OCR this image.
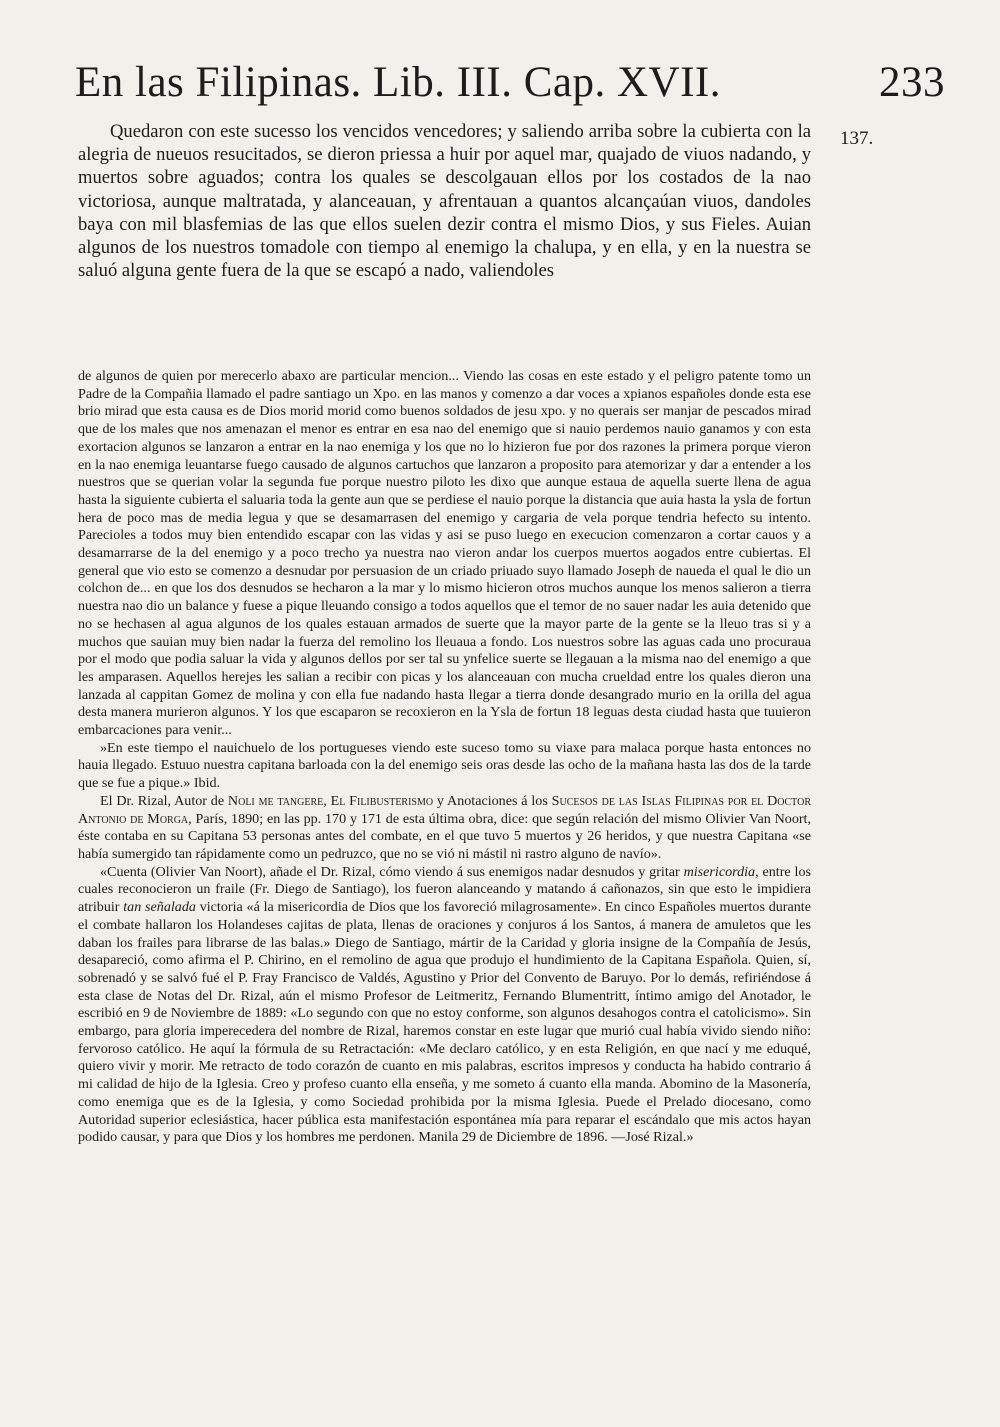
En las Filipinas. Lib. III. Cap. XVII.	233
137.

Quedaron con este sucesso los vencidos vencedores; y saliendo arriba sobre la cubierta con la alegria de nueuos resucitados, se dieron priessa a huir por aquel mar, quajado de viuos nadando, y muertos sobre aguados; contra los quales se descolgauan ellos por los costados de la nao victoriosa, aunque maltratada, y alanceauan, y afrentauan a quantos alcançaúan viuos, dandoles baya con mil blasfemias de las que ellos suelen dezir contra el mismo Dios, y sus Fieles. Auian algunos de los nuestros tomadole con tiempo al enemigo la chalupa, y en ella, y en la nuestra se saluó alguna gente fuera de la que se escapó a nado, valiendoles

de algunos de quien por merecerlo abaxo are particular mencion... Viendo las cosas en este estado y el peligro patente tomo un Padre de la Compañia llamado el padre santiago un Xpo. en las manos y comenzo a dar voces a xpianos españoles donde esta ese brio mirad que esta causa es de Dios morid morid como buenos soldados de jesu xpo. y no querais ser manjar de pescados mirad que de los males que nos amenazan el menor es entrar en esa nao del enemigo que si nauio perdemos nauio ganamos y con esta exortacion algunos se lanzaron a entrar en la nao enemiga y los que no lo hizieron fue por dos razones la primera porque vieron en la nao enemiga leuantarse fuego causado de algunos cartuchos que lanzaron a proposito para atemorizar y dar a entender a los nuestros que se querian volar la segunda fue porque nuestro piloto les dixo que aunque estaua de aquella suerte llena de agua hasta la siguiente cubierta el saluaria toda la gente aun que se perdiese el nauio porque la distancia que auia hasta la ysla de fortun hera de poco mas de media legua y que se desamarrasen del enemigo y cargaria de vela porque tendria hefecto su intento. Parecioles a todos muy bien entendido escapar con las vidas y asi se puso luego en execucion comenzaron a cortar cauos y a desamarrarse de la del enemigo y a poco trecho ya nuestra nao vieron andar los cuerpos muertos aogados entre cubiertas. El general que vio esto se comenzo a desnudar por persuasion de un criado priuado suyo llamado Joseph de naueda el qual le dio un colchon de... en que los dos desnudos se hecharon a la mar y lo mismo hicieron otros muchos aunque los menos salieron a tierra nuestra nao dio un balance y fuese a pique lleuando consigo a todos aquellos que el temor de no sauer nadar les auia detenido que no se hechasen al agua algunos de los quales estauan armados de suerte que la mayor parte de la gente se la lleuo tras si y a muchos que sauian muy bien nadar la fuerza del remolino los lleuaua a fondo. Los nuestros sobre las aguas cada uno procuraua por el modo que podia saluar la vida y algunos dellos por ser tal su ynfelice suerte se llegauan a la misma nao del enemigo a que les amparasen. Aquellos herejes les salian a recibir con picas y los alanceauan con mucha crueldad entre los quales dieron una lanzada al cappitan Gomez de molina y con ella fue nadando hasta llegar a tierra donde desangrado murio en la orilla del agua desta manera murieron algunos. Y los que escaparon se recoxieron en la Ysla de fortun 18 leguas desta ciudad hasta que tuuieron embarcaciones para venir...

»En este tiempo el nauichuelo de los portugueses viendo este suceso tomo su viaxe para malaca porque hasta entonces no hauia llegado. Estuuo nuestra capitana barloada con la del enemigo seis oras desde las ocho de la mañana hasta las dos de la tarde que se fue a pique.» Ibid.

El Dr. Rizal, Autor de Noli me tangere, El Filibusterismo y Anotaciones á los Sucesos de las Islas Filipinas por el Doctor Antonio de Morga, París, 1890; en las pp. 170 y 171 de esta última obra, dice: que según relación del mismo Olivier Van Noort, éste contaba en su Capitana 53 personas antes del combate, en el que tuvo 5 muertos y 26 heridos, y que nuestra Capitana «se había sumergido tan rápidamente como un pedruzco, que no se vió ni mástil ni rastro alguno de navío».

«Cuenta (Olivier Van Noort), añade el Dr. Rizal, cómo viendo á sus enemigos nadar desnudos y gritar misericordia, entre los cuales reconocieron un fraile (Fr. Diego de Santiago), los fueron alanceando y matando á cañonazos, sin que esto le impidiera atribuir tan señalada victoria «á la misericordia de Dios que los favoreció milagrosamente». En cinco Españoles muertos durante el combate hallaron los Holandeses cajitas de plata, llenas de oraciones y conjuros á los Santos, á manera de amuletos que les daban los frailes para librarse de las balas.» Diego de Santiago, mártir de la Caridad y gloria insigne de la Compañía de Jesús, desapareció, como afirma el P. Chirino, en el remolino de agua que produjo el hundimiento de la Capitana Española. Quien, sí, sobrenadó y se salvó fué el P. Fray Francisco de Valdés, Agustino y Prior del Convento de Baruyo. Por lo demás, refiriéndose á esta clase de Notas del Dr. Rizal, aún el mismo Profesor de Leitmeritz, Fernando Blumentritt, íntimo amigo del Anotador, le escribió en 9 de Noviembre de 1889: «Lo segundo con que no estoy conforme, son algunos desahogos contra el catolicismo». Sin embargo, para gloria imperecedera del nombre de Rizal, haremos constar en este lugar que murió cual había vivido siendo niño: fervoroso católico. He aquí la fórmula de su Retractación: «Me declaro católico, y en esta Religión, en que nací y me eduqué, quiero vivir y morir. Me retracto de todo corazón de cuanto en mis palabras, escritos impresos y conducta ha habido contrario á mi calidad de hijo de la Iglesia. Creo y profeso cuanto ella enseña, y me someto á cuanto ella manda. Abomino de la Masonería, como enemiga que es de la Iglesia, y como Sociedad prohibida por la misma Iglesia. Puede el Prelado diocesano, como Autoridad superior eclesiástica, hacer pública esta manifestación espontánea mía para reparar el escándalo que mis actos hayan podido causar, y para que Dios y los hombres me perdonen. Manila 29 de Diciembre de 1896. —José Rizal.»
